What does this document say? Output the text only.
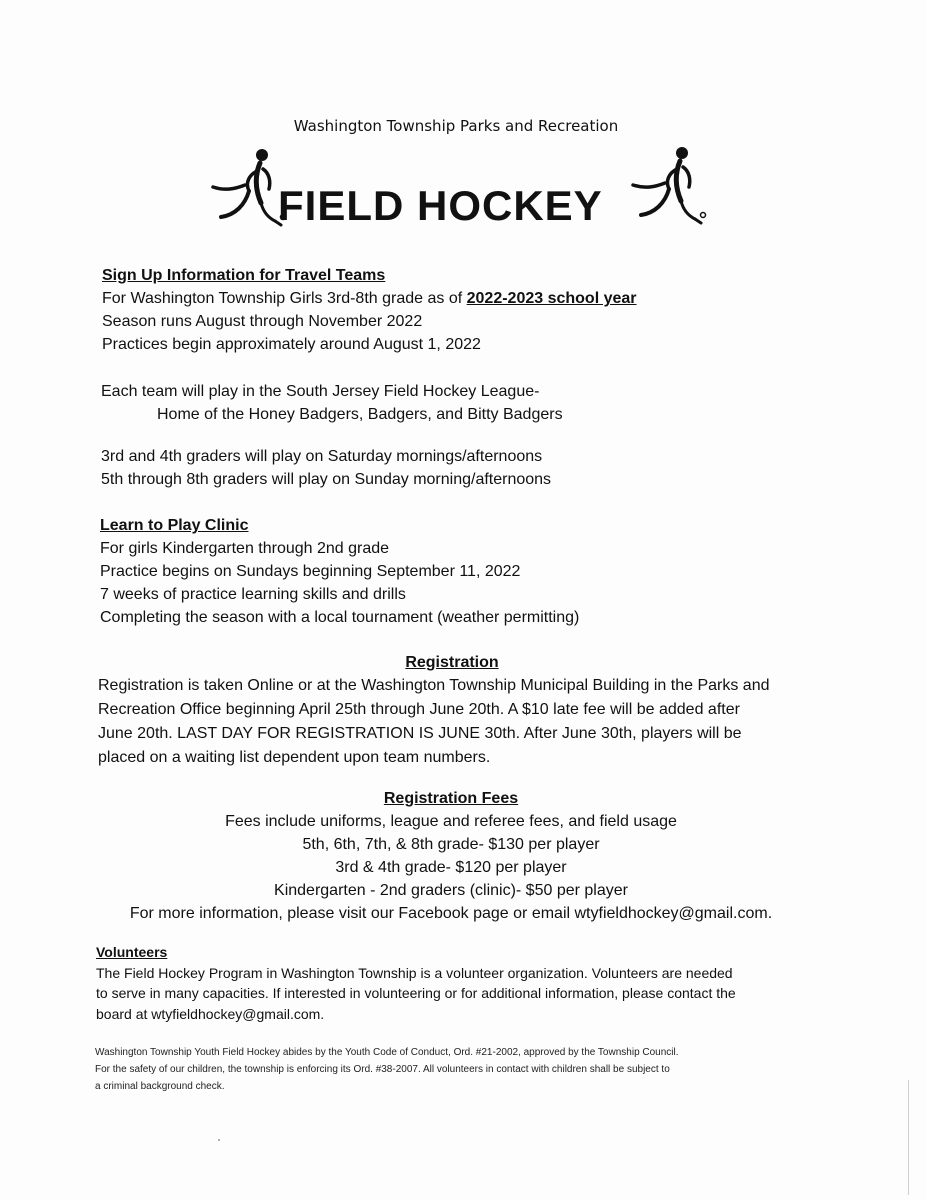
Washington Township Parks and Recreation
FIELD HOCKEY
Sign Up Information for Travel Teams
For Washington Township Girls 3rd-8th grade as of 2022-2023 school year
Season runs August through November 2022
Practices begin approximately around August 1, 2022
Each team will play in the South Jersey Field Hockey League-
Home of the Honey Badgers, Badgers, and Bitty Badgers
3rd and 4th graders will play on Saturday mornings/afternoons
5th through 8th graders will play on Sunday morning/afternoons
Learn to Play Clinic
For girls Kindergarten through 2nd grade
Practice begins on Sundays beginning September 11, 2022
7 weeks of practice learning skills and drills
Completing the season with a local tournament (weather permitting)
Registration
Registration is taken Online or at the Washington Township Municipal Building in the Parks and
Recreation Office beginning April 25th through June 20th. A $10 late fee will be added after
June 20th. LAST DAY FOR REGISTRATION IS JUNE 30th. After June 30th, players will be
placed on a waiting list dependent upon team numbers.
Registration Fees
Fees include uniforms, league and referee fees, and field usage
5th, 6th, 7th, & 8th grade- $130 per player
3rd & 4th grade- $120 per player
Kindergarten - 2nd graders (clinic)- $50 per player
For more information, please visit our Facebook page or email wtyfieldhockey@gmail.com.
Volunteers
The Field Hockey Program in Washington Township is a volunteer organization. Volunteers are needed
to serve in many capacities. If interested in volunteering or for additional information, please contact the
board at wtyfieldhockey@gmail.com.
Washington Township Youth Field Hockey abides by the Youth Code of Conduct, Ord. #21-2002, approved by the Township Council.
For the safety of our children, the township is enforcing its Ord. #38-2007. All volunteers in contact with children shall be subject to
a criminal background check.
